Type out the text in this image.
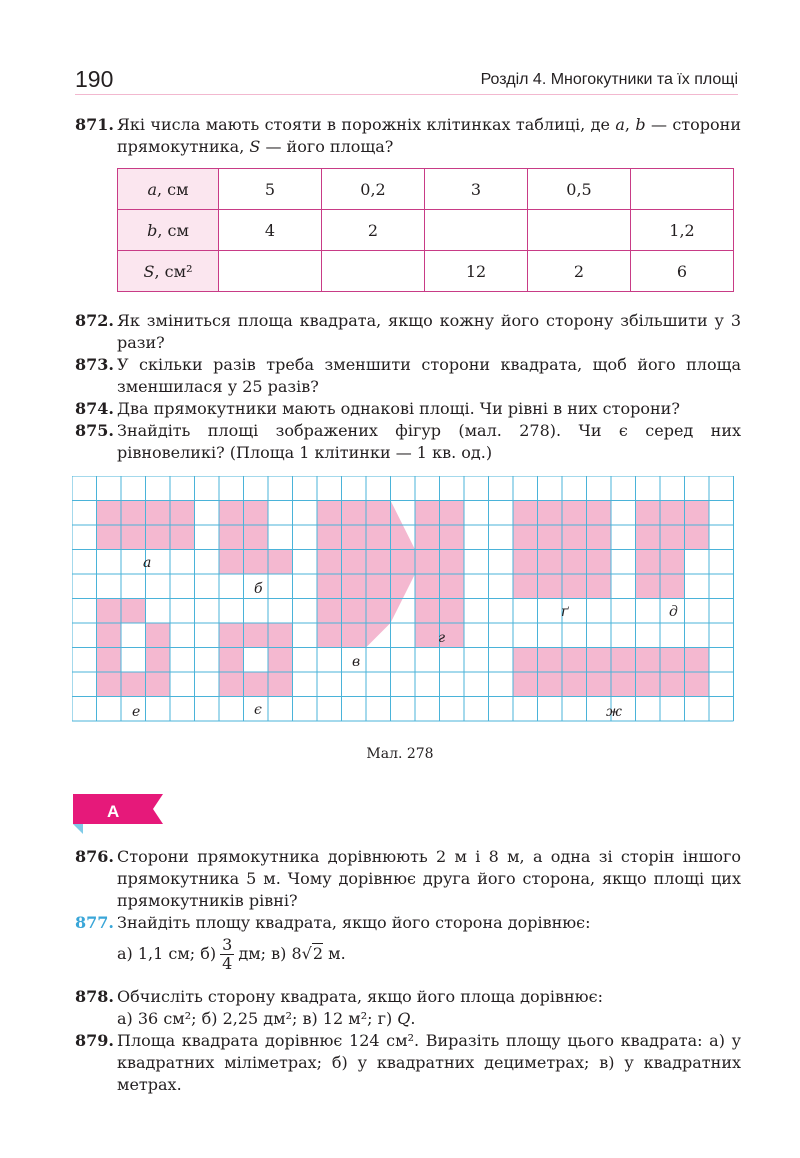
190	Розділ 4. Многокутники та їх площі
871. Які числа мають стояти в порожніх клітинках таблиці, де a, b — сторони прямокутника, S — його площа?
a, см	5	0,2	3	0,5	
b, см	4	2			1,2
S, см²			12	2	6
872. Як зміниться площа квадрата, якщо кожну його сторону збільшити у 3 рази?
873. У скільки разів треба зменшити сторони квадрата, щоб його площа зменшилася у 25 разів?
874. Два прямокутники мають однакові площі. Чи рівні в них сторони?
875. Знайдіть площі зображених фігур (мал. 278). Чи є серед них рівновеликі? (Площа 1 клітинки — 1 кв. од.)
а
б
в
г
ґ	д
е	є	ж
Мал. 278
А
876. Сторони прямокутника дорівнюють 2 м і 8 м, а одна зі сторін іншого прямокутника 5 м. Чому дорівнює друга його сторона, якщо площі цих прямокутників рівні?
877. Знайдіть площу квадрата, якщо його сторона дорівнює:
а) 1,1 см; $б) \frac{3}{4}$ дм; в) 8√2 м.
878. Обчисліть сторону квадрата, якщо його площа дорівнює:
а) 36 см²; б) 2,25 дм²; в) 12 м²; г) Q.
879. Площа квадрата дорівнює 124 см². Виразіть площу цього квадрата: а) у квадратних міліметрах; б) у квадратних дециметрах; в) у квадратних метрах.
